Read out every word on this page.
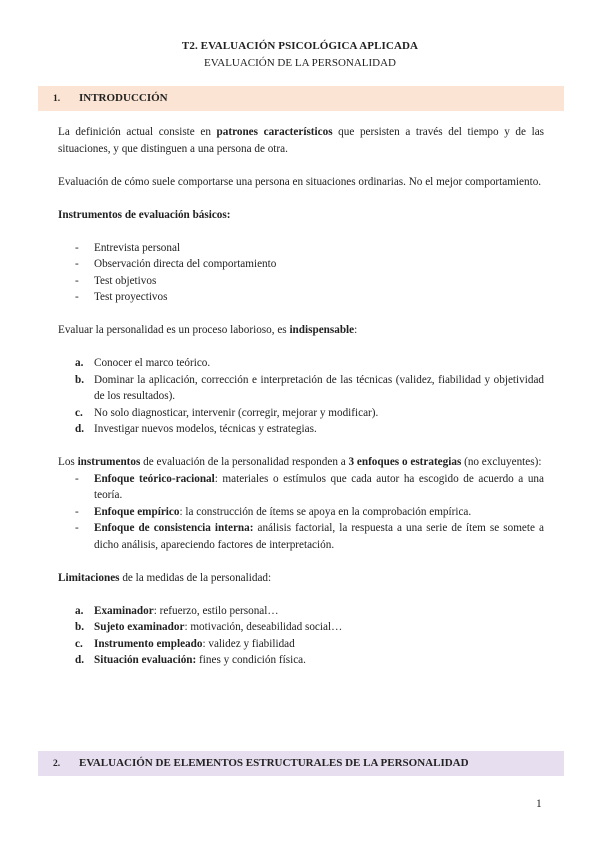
T2. EVALUACIÓN PSICOLÓGICA APLICADA
EVALUACIÓN DE LA PERSONALIDAD
1. INTRODUCCIÓN

La definición actual consiste en patrones característicos que persisten a través del tiempo y de las situaciones, y que distinguen a una persona de otra.

Evaluación de cómo suele comportarse una persona en situaciones ordinarias. No el mejor comportamiento.

Instrumentos de evaluación básicos:

- Entrevista personal
- Observación directa del comportamiento
- Test objetivos
- Test proyectivos

Evaluar la personalidad es un proceso laborioso, es indispensable:

a. Conocer el marco teórico.
b. Dominar la aplicación, corrección e interpretación de las técnicas (validez, fiabilidad y objetividad de los resultados).
c. No solo diagnosticar, intervenir (corregir, mejorar y modificar).
d. Investigar nuevos modelos, técnicas y estrategias.

Los instrumentos de evaluación de la personalidad responden a 3 enfoques o estrategias (no excluyentes):

- Enfoque teórico-racional: materiales o estímulos que cada autor ha escogido de acuerdo a una teoría.
- Enfoque empírico: la construcción de ítems se apoya en la comprobación empírica.
- Enfoque de consistencia interna: análisis factorial, la respuesta a una serie de ítem se somete a dicho análisis, apareciendo factores de interpretación.

Limitaciones de la medidas de la personalidad:

a. Examinador: refuerzo, estilo personal…
b. Sujeto examinador: motivación, deseabilidad social…
c. Instrumento empleado: validez y fiabilidad
d. Situación evaluación: fines y condición física.
2. EVALUACIÓN DE ELEMENTOS ESTRUCTURALES DE LA PERSONALIDAD
1
